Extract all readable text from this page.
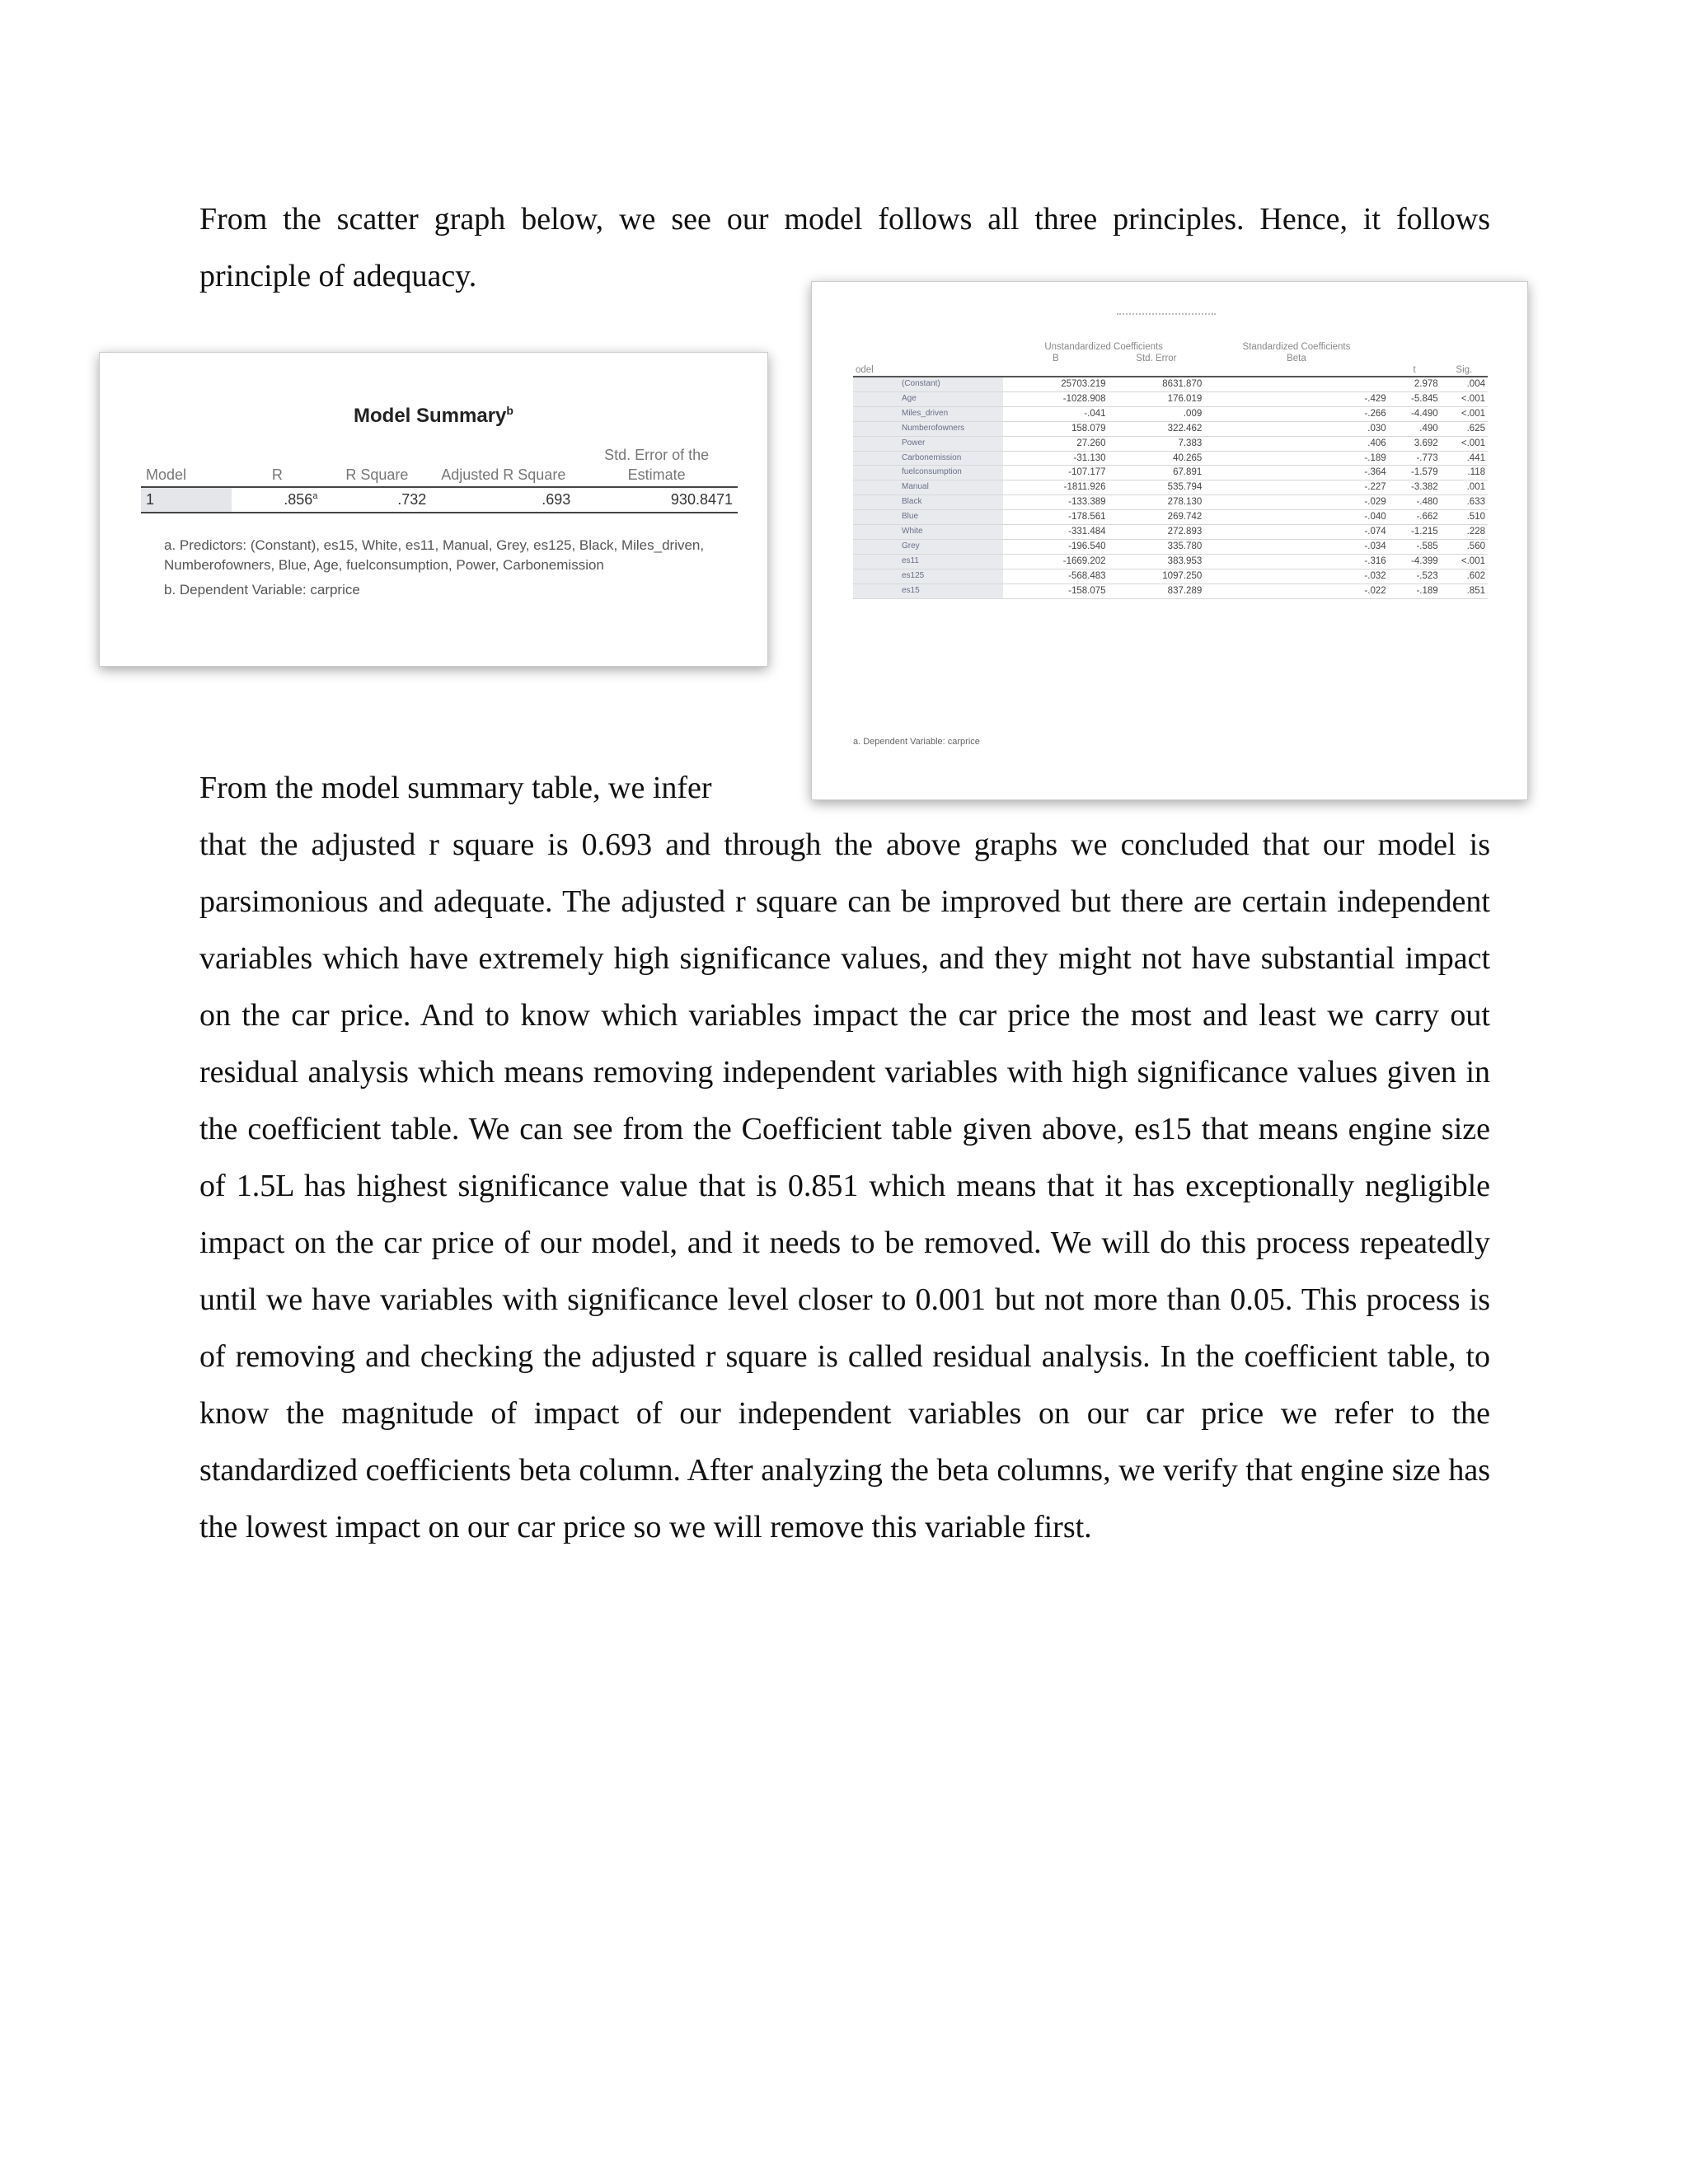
From the scatter graph below, we see our model follows all three principles. Hence, it follows principle of adequacy.
Model Summary$^b$
Model	R	R Square	Adjusted R Square	Std. Error of the Estimate
1	.856$^a$	.732	.693	930.8471
a. Predictors: (Constant), es15, White, es11, Manual, Grey, es125, Black, Miles_driven, Numberofowners, Blue, Age, fuelconsumption, Power, Carbonemission
b. Dependent Variable: carprice
odel		Unstandardized Coefficients		Standardized Coefficients		
		B	Std. Error	Beta		
					t	Sig.
	(Constant)	25703.219	8631.870		2.978	.004
	Age	-1028.908	176.019	-.429	-5.845	<.001
	Miles_driven	-.041	.009	-.266	-4.490	<.001
	Numberofowners	158.079	322.462	.030	.490	.625
	Power	27.260	7.383	.406	3.692	<.001
	Carbonemission	-31.130	40.265	-.189	-.773	.441
	fuelconsumption	-107.177	67.891	-.364	-1.579	.118
	Manual	-1811.926	535.794	-.227	-3.382	.001
	Black	-133.389	278.130	-.029	-.480	.633
	Blue	-178.561	269.742	-.040	-.662	.510
	White	-331.484	272.893	-.074	-1.215	.228
	Grey	-196.540	335.780	-.034	-.585	.560
	es11	-1669.202	383.953	-.316	-4.399	<.001
	es125	-568.483	1097.250	-.032	-.523	.602
	es15	-158.075	837.289	-.022	-.189	.851
a. Dependent Variable: carprice
From the model summary table, we infer
that the adjusted r square is 0.693 and through the above graphs we concluded that our model is parsimonious and adequate. The adjusted r square can be improved but there are certain independent variables which have extremely high significance values, and they might not have substantial impact on the car price. And to know which variables impact the car price the most and least we carry out residual analysis which means removing independent variables with high significance values given in the coefficient table. We can see from the Coefficient table given above, es15 that means engine size of 1.5L has highest significance value that is 0.851 which means that it has exceptionally negligible impact on the car price of our model, and it needs to be removed. We will do this process repeatedly until we have variables with significance level closer to 0.001 but not more than 0.05. This process is of removing and checking the adjusted r square is called residual analysis. In the coefficient table, to know the magnitude of impact of our independent variables on our car price we refer to the standardized coefficients beta column. After analyzing the beta columns, we verify that engine size has the lowest impact on our car price so we will remove this variable first.
